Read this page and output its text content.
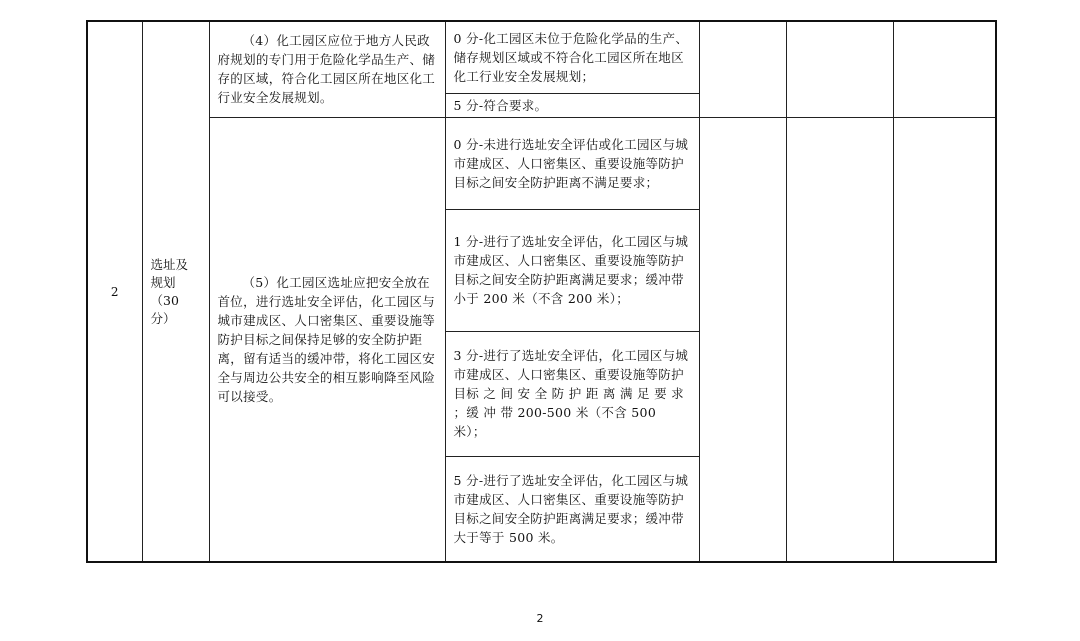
2	选址及
规划（30
分）	（4）化工园区应位于地方人民政府规划的专门用于危险化学品生产、储存的区域，符合化工园区所在地区化工行业安全发展规划。	0 分-化工园区未位于危险化学品的生产、储存规划区域或不符合化工园区所在地区化工行业安全发展规划；			

			5 分-符合要求。			

		（5）化工园区选址应把安全放在首位，进行选址安全评估，化工园区与城市建成区、人口密集区、重要设施等防护目标之间保持足够的安全防护距离，留有适当的缓冲带，将化工园区安全与周边公共安全的相互影响降至风险可以接受。	0 分-未进行选址安全评估或化工园区与城市建成区、人口密集区、重要设施等防护目标之间安全防护距离不满足要求；			

			1 分-进行了选址安全评估，化工园区与城市建成区、人口密集区、重要设施等防护目标之间安全防护距离满足要求；缓冲带小于 200 米（不含 200 米）；			

			3 分-进行了选址安全评估，化工园区与城市建成区、人口密集区、重要设施等防护目标 之 间 安 全 防 护 距 离 满 足 要 求 ；缓 冲 带 200-500 米（不含 500 米）；			

			5 分-进行了选址安全评估，化工园区与城市建成区、人口密集区、重要设施等防护目标之间安全防护距离满足要求；缓冲带大于等于 500 米。			

2
